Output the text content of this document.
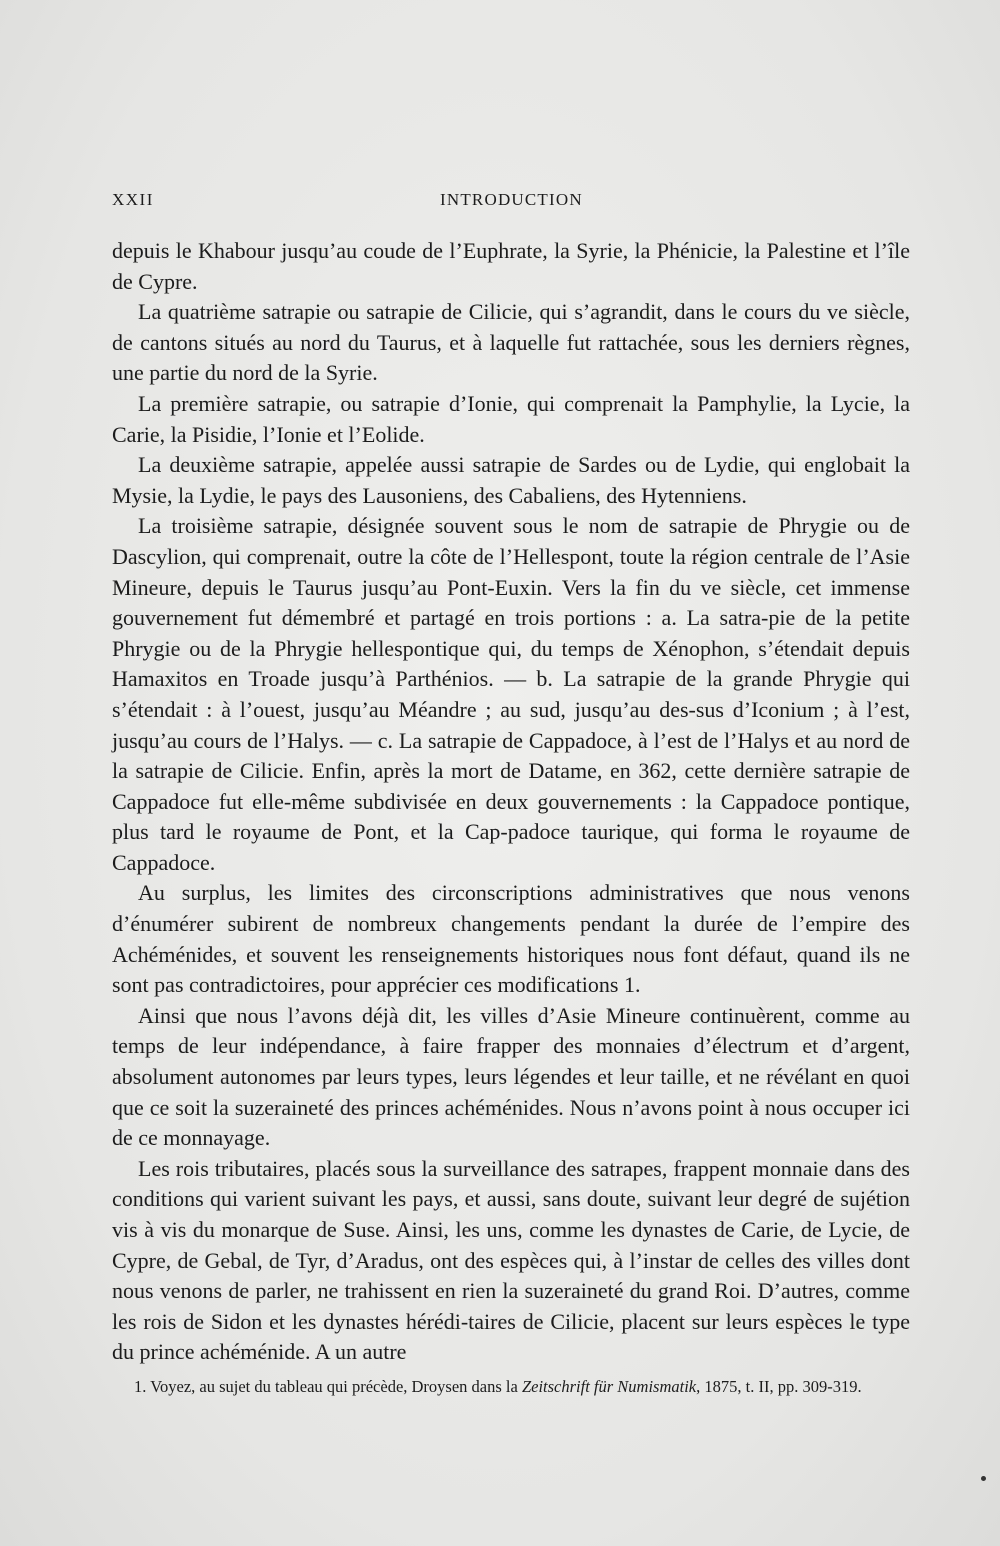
XXII	INTRODUCTION

depuis le Khabour jusqu’au coude de l’Euphrate, la Syrie, la Phénicie, la Palestine et l’île de Cypre.

La quatrième satrapie ou satrapie de Cilicie, qui s’agrandit, dans le cours du ve siècle, de cantons situés au nord du Taurus, et à laquelle fut rattachée, sous les derniers règnes, une partie du nord de la Syrie.

La première satrapie, ou satrapie d’Ionie, qui comprenait la Pamphylie, la Lycie, la Carie, la Pisidie, l’Ionie et l’Eolide.

La deuxième satrapie, appelée aussi satrapie de Sardes ou de Lydie, qui englobait la Mysie, la Lydie, le pays des Lausoniens, des Cabaliens, des Hytenniens.

La troisième satrapie, désignée souvent sous le nom de satrapie de Phrygie ou de Dascylion, qui comprenait, outre la côte de l’Hellespont, toute la région centrale de l’Asie Mineure, depuis le Taurus jusqu’au Pont-Euxin. Vers la fin du ve siècle, cet immense gouvernement fut démembré et partagé en trois portions : a. La satra-pie de la petite Phrygie ou de la Phrygie hellespontique qui, du temps de Xénophon, s’étendait depuis Hamaxitos en Troade jusqu’à Parthénios. — b. La satrapie de la grande Phrygie qui s’étendait : à l’ouest, jusqu’au Méandre ; au sud, jusqu’au des-sus d’Iconium ; à l’est, jusqu’au cours de l’Halys. — c. La satrapie de Cappadoce, à l’est de l’Halys et au nord de la satrapie de Cilicie. Enfin, après la mort de Datame, en 362, cette dernière satrapie de Cappadoce fut elle-même subdivisée en deux gouvernements : la Cappadoce pontique, plus tard le royaume de Pont, et la Cap-padoce taurique, qui forma le royaume de Cappadoce.

Au surplus, les limites des circonscriptions administratives que nous venons d’énumérer subirent de nombreux changements pendant la durée de l’empire des Achéménides, et souvent les renseignements historiques nous font défaut, quand ils ne sont pas contradictoires, pour apprécier ces modifications 1.

Ainsi que nous l’avons déjà dit, les villes d’Asie Mineure continuèrent, comme au temps de leur indépendance, à faire frapper des monnaies d’électrum et d’argent, absolument autonomes par leurs types, leurs légendes et leur taille, et ne révélant en quoi que ce soit la suzeraineté des princes achéménides. Nous n’avons point à nous occuper ici de ce monnayage.

Les rois tributaires, placés sous la surveillance des satrapes, frappent monnaie dans des conditions qui varient suivant les pays, et aussi, sans doute, suivant leur degré de sujétion vis à vis du monarque de Suse. Ainsi, les uns, comme les dynastes de Carie, de Lycie, de Cypre, de Gebal, de Tyr, d’Aradus, ont des espèces qui, à l’instar de celles des villes dont nous venons de parler, ne trahissent en rien la suzeraineté du grand Roi. D’autres, comme les rois de Sidon et les dynastes hérédi-taires de Cilicie, placent sur leurs espèces le type du prince achéménide. A un autre

1. Voyez, au sujet du tableau qui précède, Droysen dans la Zeitschrift für Numismatik, 1875, t. II, pp. 309-319.
